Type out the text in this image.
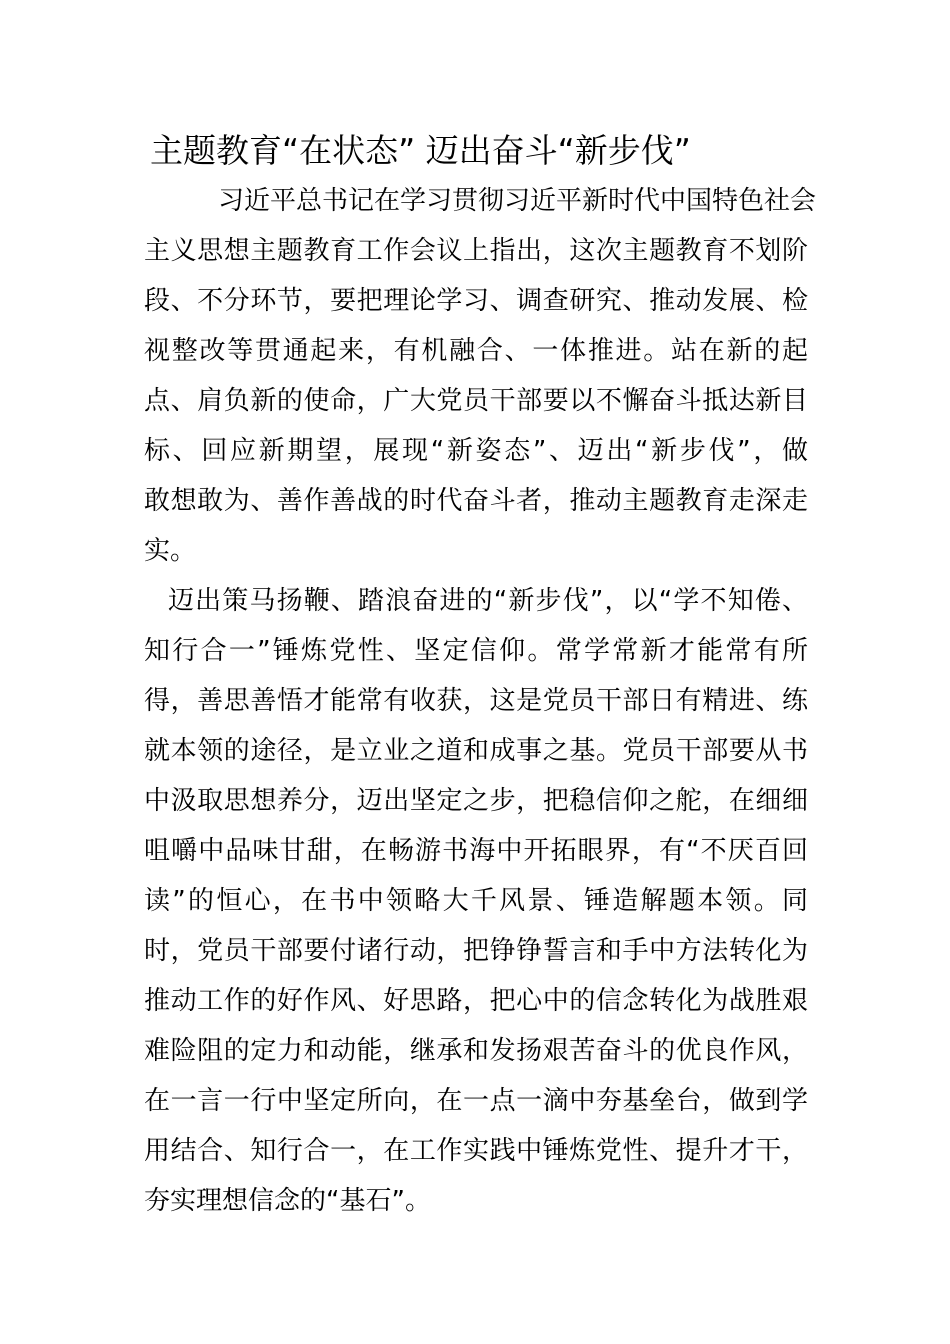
主题教育“在状态” 迈出奋斗“新步伐”
习近平总书记在学习贯彻习近平新时代中国特色社会
主义思想主题教育工作会议上指出，这次主题教育不划阶
段、不分环节，要把理论学习、调查研究、推动发展、检
视整改等贯通起来，有机融合、一体推进。站在新的起
点、肩负新的使命，广大党员干部要以不懈奋斗抵达新目
标、回应新期望，展现“新姿态”、迈出“新步伐”，做
敢想敢为、善作善战的时代奋斗者，推动主题教育走深走
实。
迈出策马扬鞭、踏浪奋进的“新步伐”，以“学不知倦、
知行合一”锤炼党性、坚定信仰。常学常新才能常有所
得，善思善悟才能常有收获，这是党员干部日有精进、练
就本领的途径，是立业之道和成事之基。党员干部要从书
中汲取思想养分，迈出坚定之步，把稳信仰之舵，在细细
咀嚼中品味甘甜，在畅游书海中开拓眼界，有“不厌百回
读”的恒心，在书中领略大千风景、锤造解题本领。同
时，党员干部要付诸行动，把铮铮誓言和手中方法转化为
推动工作的好作风、好思路，把心中的信念转化为战胜艰
难险阻的定力和动能，继承和发扬艰苦奋斗的优良作风，
在一言一行中坚定所向，在一点一滴中夯基垒台，做到学
用结合、知行合一，在工作实践中锤炼党性、提升才干，
夯实理想信念的“基石”。
